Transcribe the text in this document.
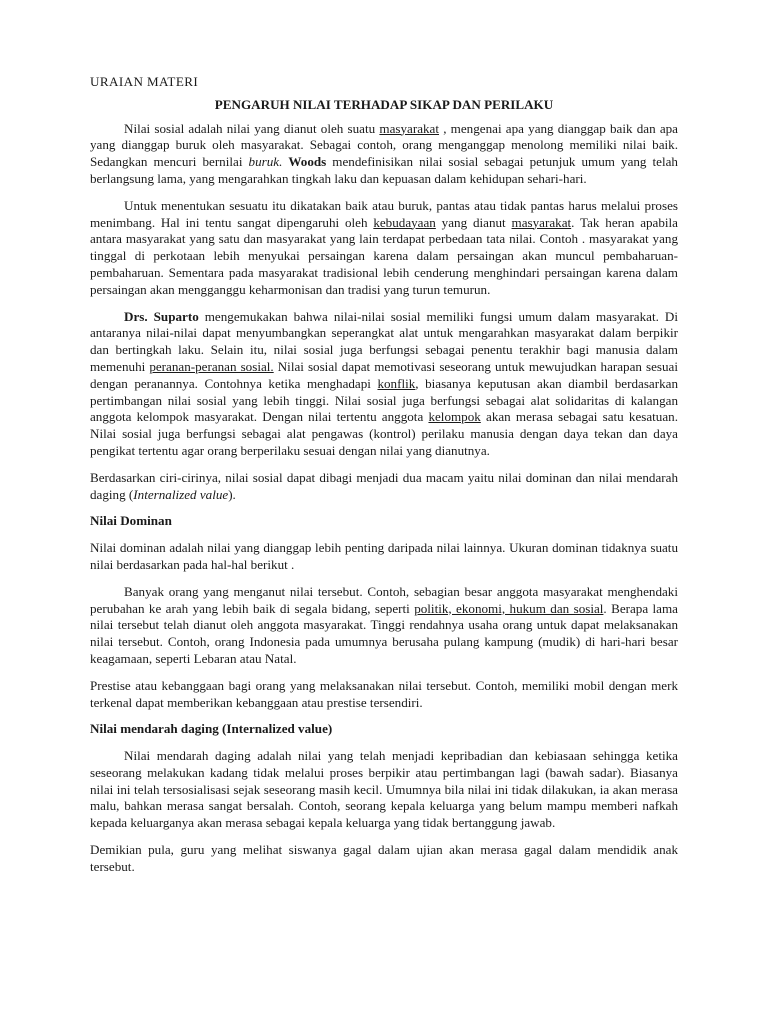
URAIAN MATERI
PENGARUH NILAI TERHADAP SIKAP DAN PERILAKU

Nilai sosial adalah nilai yang dianut oleh suatu masyarakat , mengenai apa yang dianggap baik dan apa yang dianggap buruk oleh masyarakat. Sebagai contoh, orang menganggap menolong memiliki nilai baik. Sedangkan mencuri bernilai buruk. Woods mendefinisikan nilai sosial sebagai petunjuk umum yang telah berlangsung lama, yang mengarahkan tingkah laku dan kepuasan dalam kehidupan sehari-hari.

Untuk menentukan sesuatu itu dikatakan baik atau buruk, pantas atau tidak pantas harus melalui proses menimbang. Hal ini tentu sangat dipengaruhi oleh kebudayaan yang dianut masyarakat. Tak heran apabila antara masyarakat yang satu dan masyarakat yang lain terdapat perbedaan tata nilai. Contoh . masyarakat yang tinggal di perkotaan lebih menyukai persaingan karena dalam persaingan akan muncul pembaharuan-pembaharuan. Sementara pada masyarakat tradisional lebih cenderung menghindari persaingan karena dalam persaingan akan mengganggu keharmonisan dan tradisi yang turun temurun.

Drs. Suparto mengemukakan bahwa nilai-nilai sosial memiliki fungsi umum dalam masyarakat. Di antaranya nilai-nilai dapat menyumbangkan seperangkat alat untuk mengarahkan masyarakat dalam berpikir dan bertingkah laku. Selain itu, nilai sosial juga berfungsi sebagai penentu terakhir bagi manusia dalam memenuhi peranan-peranan sosial. Nilai sosial dapat memotivasi seseorang untuk mewujudkan harapan sesuai dengan peranannya. Contohnya ketika menghadapi konflik, biasanya keputusan akan diambil berdasarkan pertimbangan nilai sosial yang lebih tinggi. Nilai sosial juga berfungsi sebagai alat solidaritas di kalangan anggota kelompok masyarakat. Dengan nilai tertentu anggota kelompok akan merasa sebagai satu kesatuan. Nilai sosial juga berfungsi sebagai alat pengawas (kontrol) perilaku manusia dengan daya tekan dan daya pengikat tertentu agar orang berperilaku sesuai dengan nilai yang dianutnya.

Berdasarkan ciri-cirinya, nilai sosial dapat dibagi menjadi dua macam yaitu nilai dominan dan nilai mendarah daging (Internalized value).

Nilai Dominan

Nilai dominan adalah nilai yang dianggap lebih penting daripada nilai lainnya. Ukuran dominan tidaknya suatu nilai berdasarkan pada hal-hal berikut .

Banyak orang yang menganut nilai tersebut. Contoh, sebagian besar anggota masyarakat menghendaki perubahan ke arah yang lebih baik di segala bidang, seperti politik, ekonomi, hukum dan sosial. Berapa lama nilai tersebut telah dianut oleh anggota masyarakat. Tinggi rendahnya usaha orang untuk dapat melaksanakan nilai tersebut. Contoh, orang Indonesia pada umumnya berusaha pulang kampung (mudik) di hari-hari besar keagamaan, seperti Lebaran atau Natal.

Prestise atau kebanggaan bagi orang yang melaksanakan nilai tersebut. Contoh, memiliki mobil dengan merk terkenal dapat memberikan kebanggaan atau prestise tersendiri.

Nilai mendarah daging (Internalized value)

Nilai mendarah daging adalah nilai yang telah menjadi kepribadian dan kebiasaan sehingga ketika seseorang melakukan kadang tidak melalui proses berpikir atau pertimbangan lagi (bawah sadar). Biasanya nilai ini telah tersosialisasi sejak seseorang masih kecil. Umumnya bila nilai ini tidak dilakukan, ia akan merasa malu, bahkan merasa sangat bersalah. Contoh, seorang kepala keluarga yang belum mampu memberi nafkah kepada keluarganya akan merasa sebagai kepala keluarga yang tidak bertanggung jawab.

Demikian pula, guru yang melihat siswanya gagal dalam ujian akan merasa gagal dalam mendidik anak tersebut.
